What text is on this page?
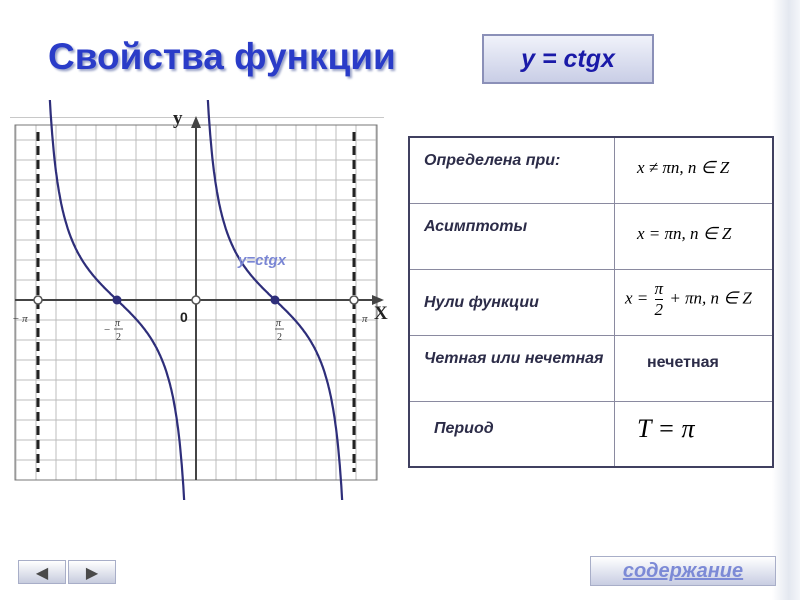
Свойства функции	y = ctgx
y
X
0
y=ctgx
− π
−
π
2
π
2
π
Определена при:	x ≠ πn, n ∈ Z

Асимптоты	x = πn, n ∈ Z

Нули функции	$x = \frac{\pi}{2} + \pi n$, n ∈ Z

Четная или нечетная	нечетная

Период	T = π
◀ ▶	содержание
